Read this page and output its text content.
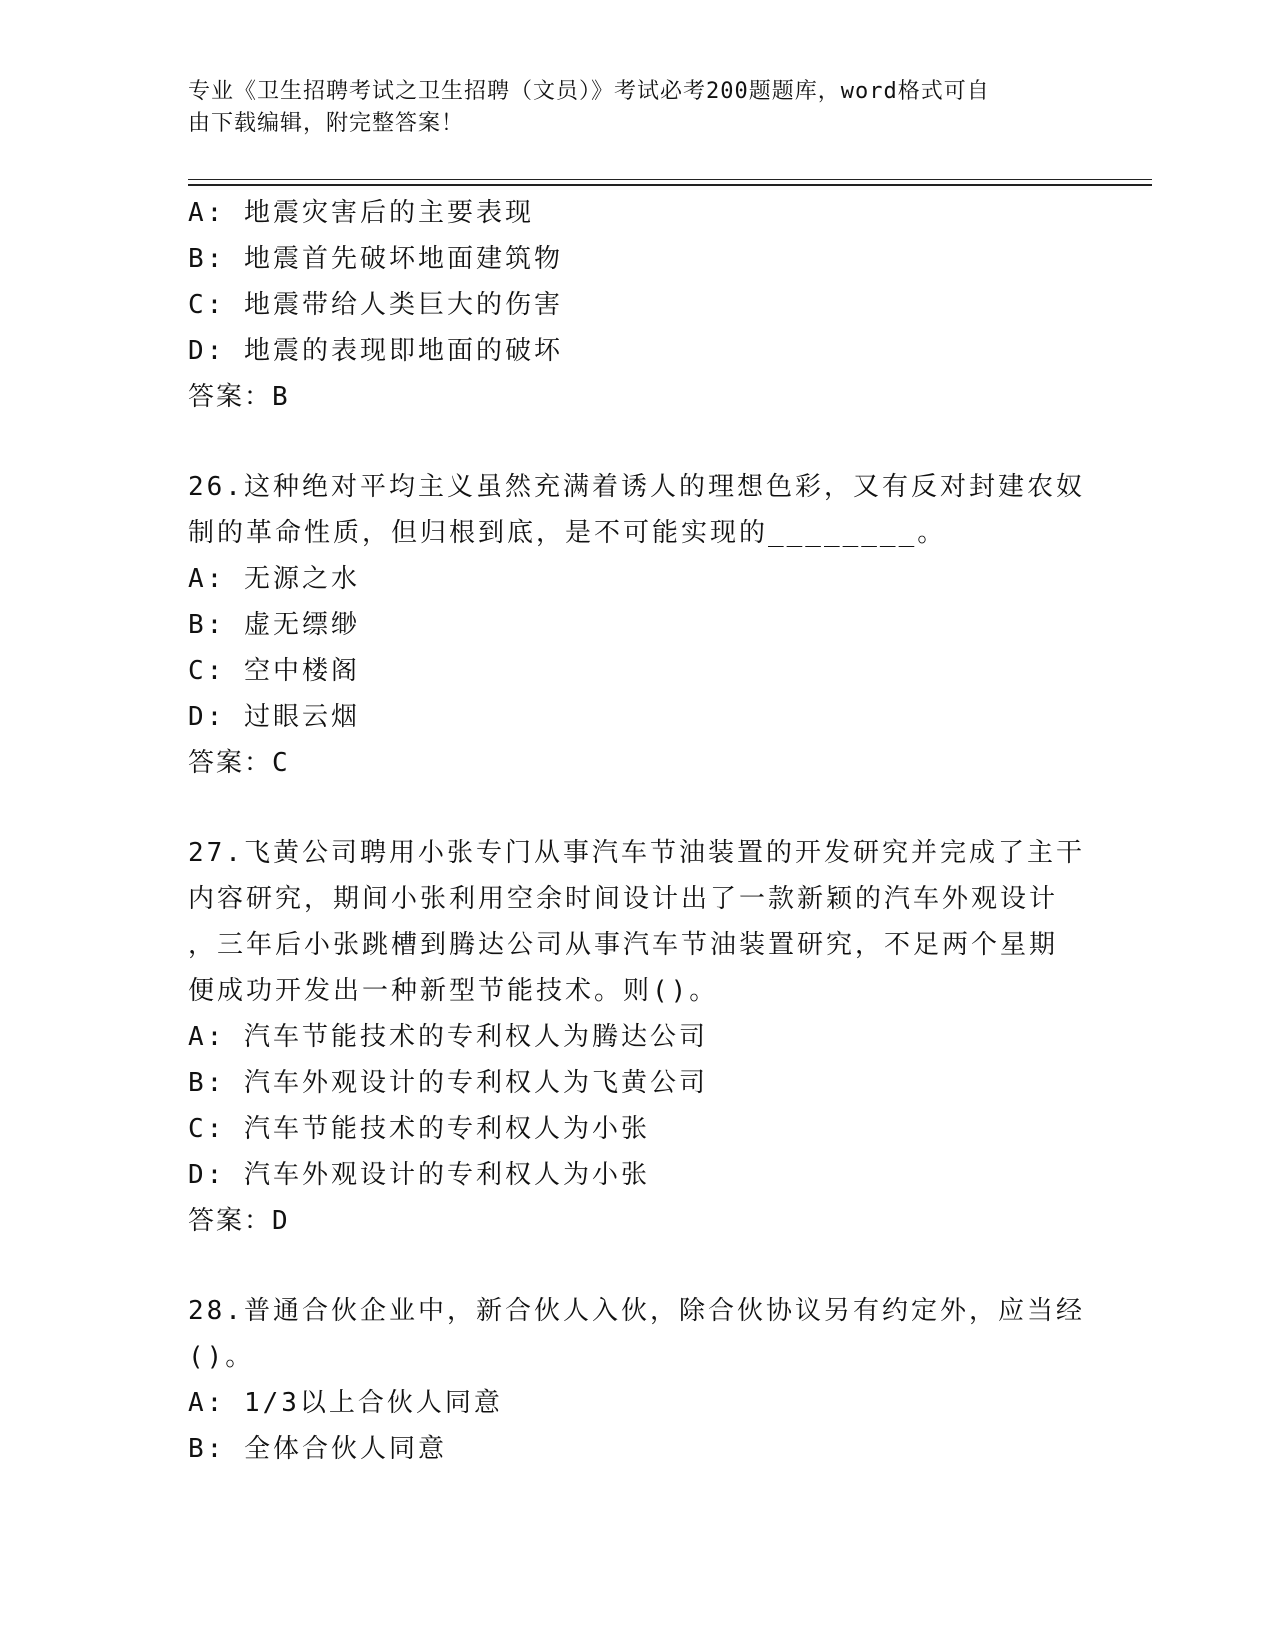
专业《卫生招聘考试之卫生招聘（文员）》考试必考200题题库，word格式可自
由下载编辑，附完整答案！
A: 地震灾害后的主要表现
B: 地震首先破坏地面建筑物
C: 地震带给人类巨大的伤害
D: 地震的表现即地面的破坏
答案：B
26.这种绝对平均主义虽然充满着诱人的理想色彩，又有反对封建农奴
制的革命性质，但归根到底，是不可能实现的________。
A: 无源之水
B: 虚无缥缈
C: 空中楼阁
D: 过眼云烟
答案：C
27.飞黄公司聘用小张专门从事汽车节油装置的开发研究并完成了主干
内容研究，期间小张利用空余时间设计出了一款新颖的汽车外观设计
，三年后小张跳槽到腾达公司从事汽车节油装置研究，不足两个星期
便成功开发出一种新型节能技术。则()。
A: 汽车节能技术的专利权人为腾达公司
B: 汽车外观设计的专利权人为飞黄公司
C: 汽车节能技术的专利权人为小张
D: 汽车外观设计的专利权人为小张
答案：D
28.普通合伙企业中，新合伙人入伙，除合伙协议另有约定外，应当经
()。
A: 1/3以上合伙人同意
B: 全体合伙人同意
